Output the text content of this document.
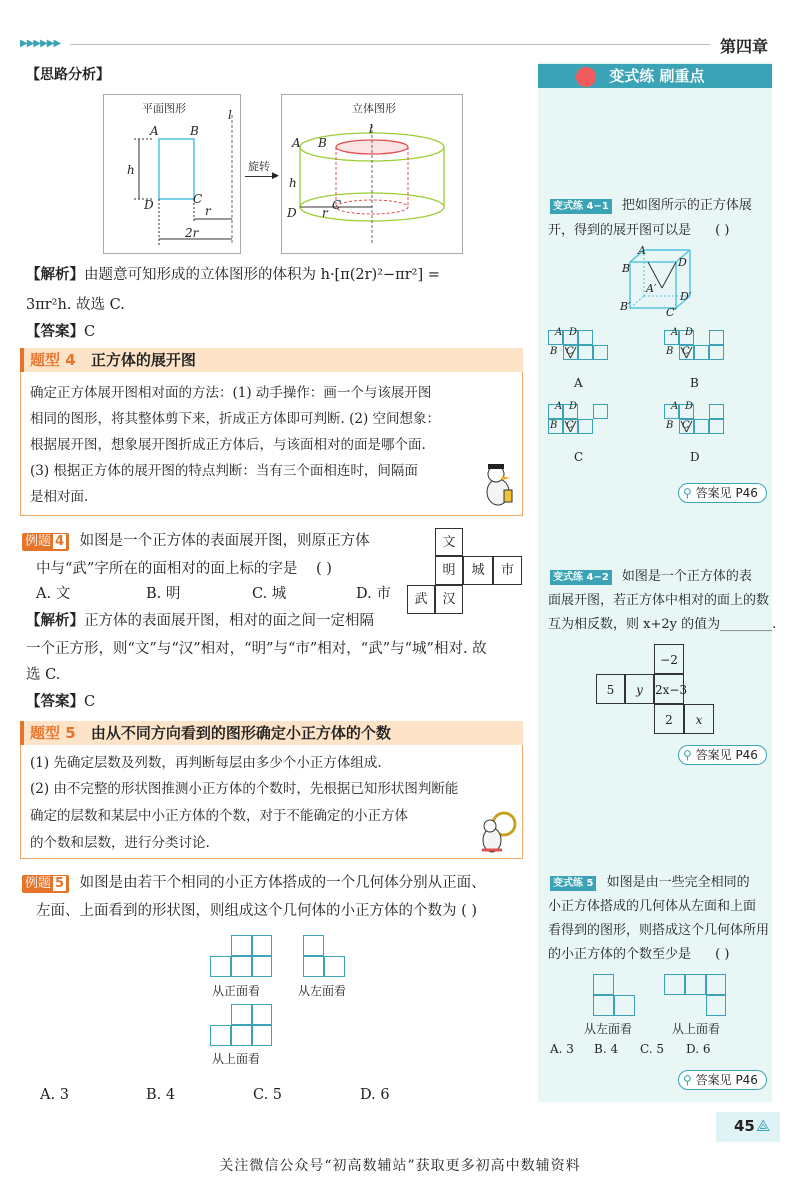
▶▶▶▶▶▶	第四章
【思路分析】
平面图形
A	B
l
h
D	C
r
2r
旋转
▶
立体图形
l
A B
h
D r
C
【解析】由题意可知形成的立体图形的体积为 h·[π(2r)²−πr²] =
3πr²h. 故选 C.
【答案】C
题型 4 正方体的展开图
确定正方体展开图相对面的方法：(1) 动手操作：画一个与该展开图
相同的图形，将其整体剪下来，折成正方体即可判断. (2) 空间想象：
根据展开图，想象展开图折成正方体后，与该面相对的面是哪个面.
(3) 根据正方体的展开图的特点判断：当有三个面相连时，间隔面
是相对面.
例题 4 如图是一个正方体的表面展开图，则原正方体
中与“武”字所在的面相对的面上标的字是 ( )
A. 文	B. 明	C. 城	D. 市
文
明	城	市
武	汉
【解析】正方体的表面展开图，相对的面之间一定相隔
一个正方形，则“文”与“汉”相对，“明”与“市”相对，“武”与“城”相对. 故
选 C.
【答案】C
题型 5 由从不同方向看到的图形确定小正方体的个数
(1) 先确定层数及列数，再判断每层由多少个小正方体组成.
(2) 由不完整的形状图推测小正方体的个数时，先根据已知形状图判断能
确定的层数和某层中小正方体的个数，对于不能确定的小正方体
的个数和层数，进行分类讨论.
例题 5 如图是由若干个相同的小正方体搭成的一个几何体分别从正面、
左面、上面看到的形状图，则组成这个几何体的小正方体的个数为 ( )
从正面看	从左面看
从上面看
A. 3	B. 4	C. 5	D. 6
变式练 刷重点
变式练 4−1 把如图所示的正方体展
开，得到的展开图可以是 ( )
A
D
B
A′
D′
B′	C′
A D
B C
A
A D
B C
B
A D
B C
C
A D
B C
D
⚲ 答案见 P46
变式练 4−2 如图是一个正方体的表
面展开图，若正方体中相对的面上的数
互为相反数，则 x+2y 的值为________.
−2
5	y	2x−3
2	x
⚲ 答案见 P46
变式练 5 如图是由一些完全相同的
小正方体搭成的几何体从左面和上面
看得到的图形，则搭成这个几何体所用
的小正方体的个数至少是 ( )
从左面看	从上面看
A. 3 B. 4 C. 5 D. 6
⚲ 答案见 P46
45 ⟁
关注微信公众号“初高数辅站”获取更多初高中数辅资料
